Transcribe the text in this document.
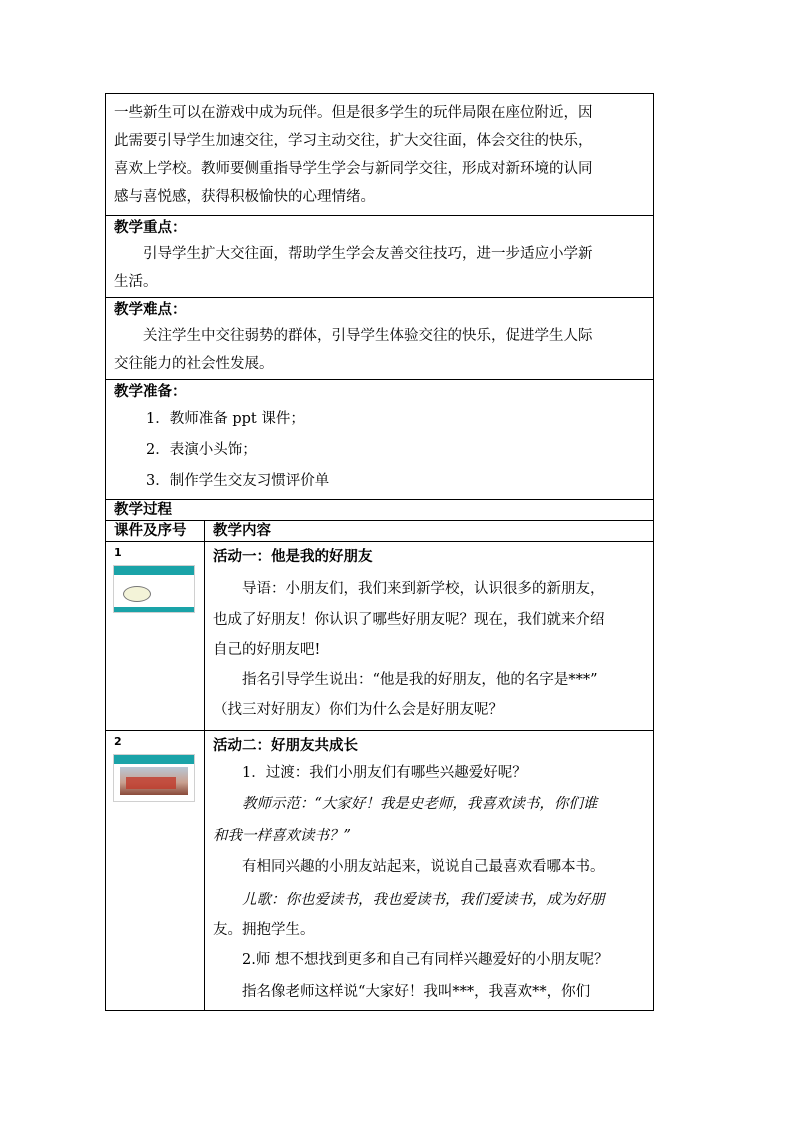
一些新生可以在游戏中成为玩伴。但是很多学生的玩伴局限在座位附近，因

此需要引导学生加速交往，学习主动交往，扩大交往面，体会交往的快乐，

喜欢上学校。教师要侧重指导学生学会与新同学交往，形成对新环境的认同

感与喜悦感，获得积极愉快的心理情绪。

教学重点：

引导学生扩大交往面，帮助学生学会友善交往技巧，进一步适应小学新

生活。

教学难点：

关注学生中交往弱势的群体，引导学生体验交往的快乐，促进学生人际

交往能力的社会性发展。

教学准备：

1．教师准备 ppt 课件；

2．表演小头饰；

3．制作学生交友习惯评价单

教学过程
课件及序号	教学内容
1	活动一：他是我的好朋友

导语：小朋友们，我们来到新学校，认识很多的新朋友，

也成了好朋友！你认识了哪些好朋友呢？现在，我们就来介绍

自己的好朋友吧!

指名引导学生说出：“他是我的好朋友，他的名字是***”

（找三对好朋友）你们为什么会是好朋友呢？

2	活动二：好朋友共成长

1．过渡：我们小朋友们有哪些兴趣爱好呢？

教师示范：“大家好！我是史老师，我喜欢读书，你们谁

和我一样喜欢读书？”

有相同兴趣的小朋友站起来，说说自己最喜欢看哪本书。

儿歌：你也爱读书，我也爱读书，我们爱读书，成为好朋

友。拥抱学生。

2.师 想不想找到更多和自己有同样兴趣爱好的小朋友呢？

指名像老师这样说“大家好！我叫***，我喜欢**，你们
